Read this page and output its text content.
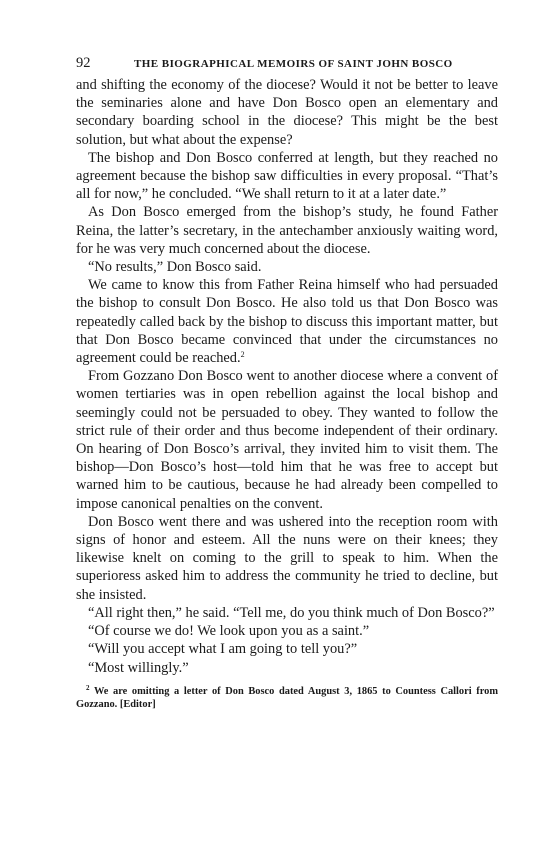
92	THE BIOGRAPHICAL MEMOIRS OF SAINT JOHN BOSCO

and shifting the economy of the diocese? Would it not be better to leave the seminaries alone and have Don Bosco open an elementary and secondary boarding school in the diocese? This might be the best solution, but what about the expense?

The bishop and Don Bosco conferred at length, but they reached no agreement because the bishop saw difficulties in every proposal. “That’s all for now,” he concluded. “We shall return to it at a later date.”

As Don Bosco emerged from the bishop’s study, he found Father Reina, the latter’s secretary, in the antechamber anxiously waiting word, for he was very much concerned about the diocese.

“No results,” Don Bosco said.

We came to know this from Father Reina himself who had persuaded the bishop to consult Don Bosco. He also told us that Don Bosco was repeatedly called back by the bishop to discuss this important matter, but that Don Bosco became convinced that under the circumstances no agreement could be reached.$^2$

From Gozzano Don Bosco went to another diocese where a convent of women tertiaries was in open rebellion against the local bishop and seemingly could not be persuaded to obey. They wanted to follow the strict rule of their order and thus become independent of their ordinary. On hearing of Don Bosco’s arrival, they invited him to visit them. The bishop—Don Bosco’s host—told him that he was free to accept but warned him to be cautious, because he had already been compelled to impose canonical penalties on the convent.

Don Bosco went there and was ushered into the reception room with signs of honor and esteem. All the nuns were on their knees; they likewise knelt on coming to the grill to speak to him. When the superioress asked him to address the community he tried to decline, but she insisted.

“All right then,” he said. “Tell me, do you think much of Don Bosco?”

“Of course we do! We look upon you as a saint.”

“Will you accept what I am going to tell you?”

“Most willingly.”

$^2$ We are omitting a letter of Don Bosco dated August 3, 1865 to Countess Callori from Gozzano. [Editor]
